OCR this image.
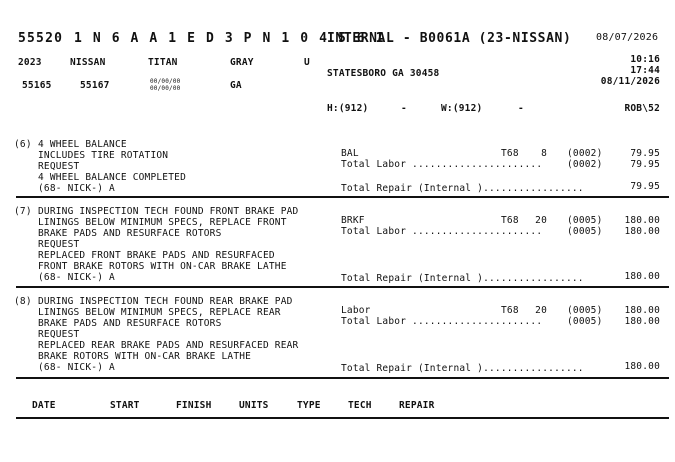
55520 1 N 6 A A 1 E D 3 P N 1 0 4 5 6 1
INTERNAL - B0061A (23-NISSAN) 08/07/2026
2023	NISSAN	TITAN	GRAY	U
STATESBORO GA 30458
10:16
17:44
08/11/2026
55165	55167	00/00/00
00/00/00	GA
H:(912)	-	W:(912)	-	ROB\52
(6) 4 WHEEL BALANCE
INCLUDES TIRE ROTATION
REQUEST
4 WHEEL BALANCE COMPLETED
(68- NICK-) A
BAL	T68 8 (0002)	79.95
Total Labor ......................	(0002)	79.95
Total Repair (Internal ).................	79.95
(7) DURING INSPECTION TECH FOUND FRONT BRAKE PAD
LININGS BELOW MINIMUM SPECS, REPLACE FRONT
BRAKE PADS AND RESURFACE ROTORS
REQUEST
REPLACED FRONT BRAKE PADS AND RESURFACED
FRONT BRAKE ROTORS WITH ON-CAR BRAKE LATHE
(68- NICK-) A
BRKF	T68 20 (0005) 180.00
Total Labor ......................	(0005) 180.00
Total Repair (Internal ).................	180.00
(8) DURING INSPECTION TECH FOUND REAR BRAKE PAD
LININGS BELOW MINIMUM SPECS, REPLACE REAR
BRAKE PADS AND RESURFACE ROTORS
REQUEST
REPLACED REAR BRAKE PADS AND RESURFACED REAR
BRAKE ROTORS WITH ON-CAR BRAKE LATHE
(68- NICK-) A
Labor	T68 20 (0005) 180.00
Total Labor ......................	(0005) 180.00
Total Repair (Internal ).................	180.00
DATE	START	FINISH	UNITS	TYPE	TECH	REPAIR
